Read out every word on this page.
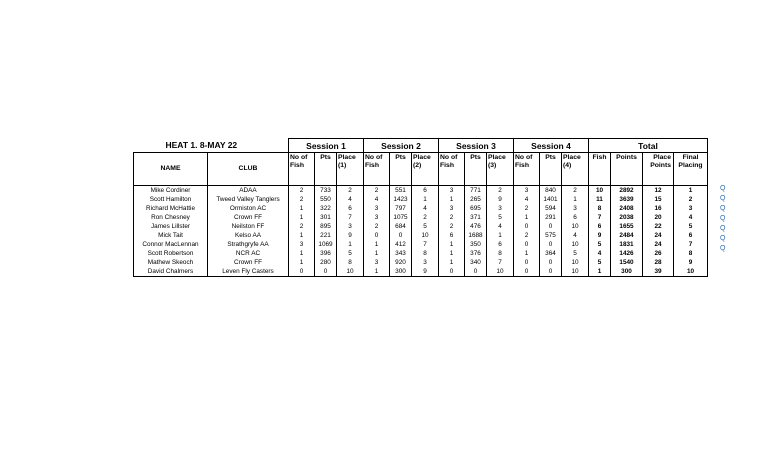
HEAT 1. 8-MAY 22		Session 1			Session 2			Session 3			Session 4			Total			
NAME	CLUB	No of Fish	Pts	Place (1)	No of Fish	Pts	Place (2)	No of Fish	Pts	Place (3)	No of Fish	Pts	Place (4)	Fish	Points	Place Points	Final Placing
Mike Cordiner	ADAA	2	733	2	2	551	6	3	771	2	3	840	2	10	2892	12	1
Scott Hamilton	Tweed Valley Tanglers	2	550	4	4	1423	1	1	265	9	4	1401	1	11	3639	15	2
Richard McHattie	Ormiston AC	1	322	6	3	797	4	3	695	3	2	594	3	8	2408	16	3
Ron Chesney	Crown FF	1	301	7	3	1075	2	2	371	5	1	291	6	7	2038	20	4
James Lillster	Neilston FF	2	895	3	2	684	5	2	476	4	0	0	10	6	1655	22	5
Mick Tait	Kelso AA	1	221	9	0	0	10	6	1688	1	2	575	4	9	2484	24	6
Connor MacLennan	Strathgryfe AA	3	1069	1	1	412	7	1	350	6	0	0	10	5	1831	24	7
Scott Robertson	NCR AC	1	396	5	1	343	8	1	376	8	1	364	5	4	1426	26	8
Mathew Skeoch	Crown FF	1	280	8	3	920	3	1	340	7	0	0	10	5	1540	28	9
David Chalmers	Leven Fly Casters	0	0	10	1	300	9	0	0	10	0	0	10	1	300	39	10
Q
Q
Q
Q
Q
Q
Q
